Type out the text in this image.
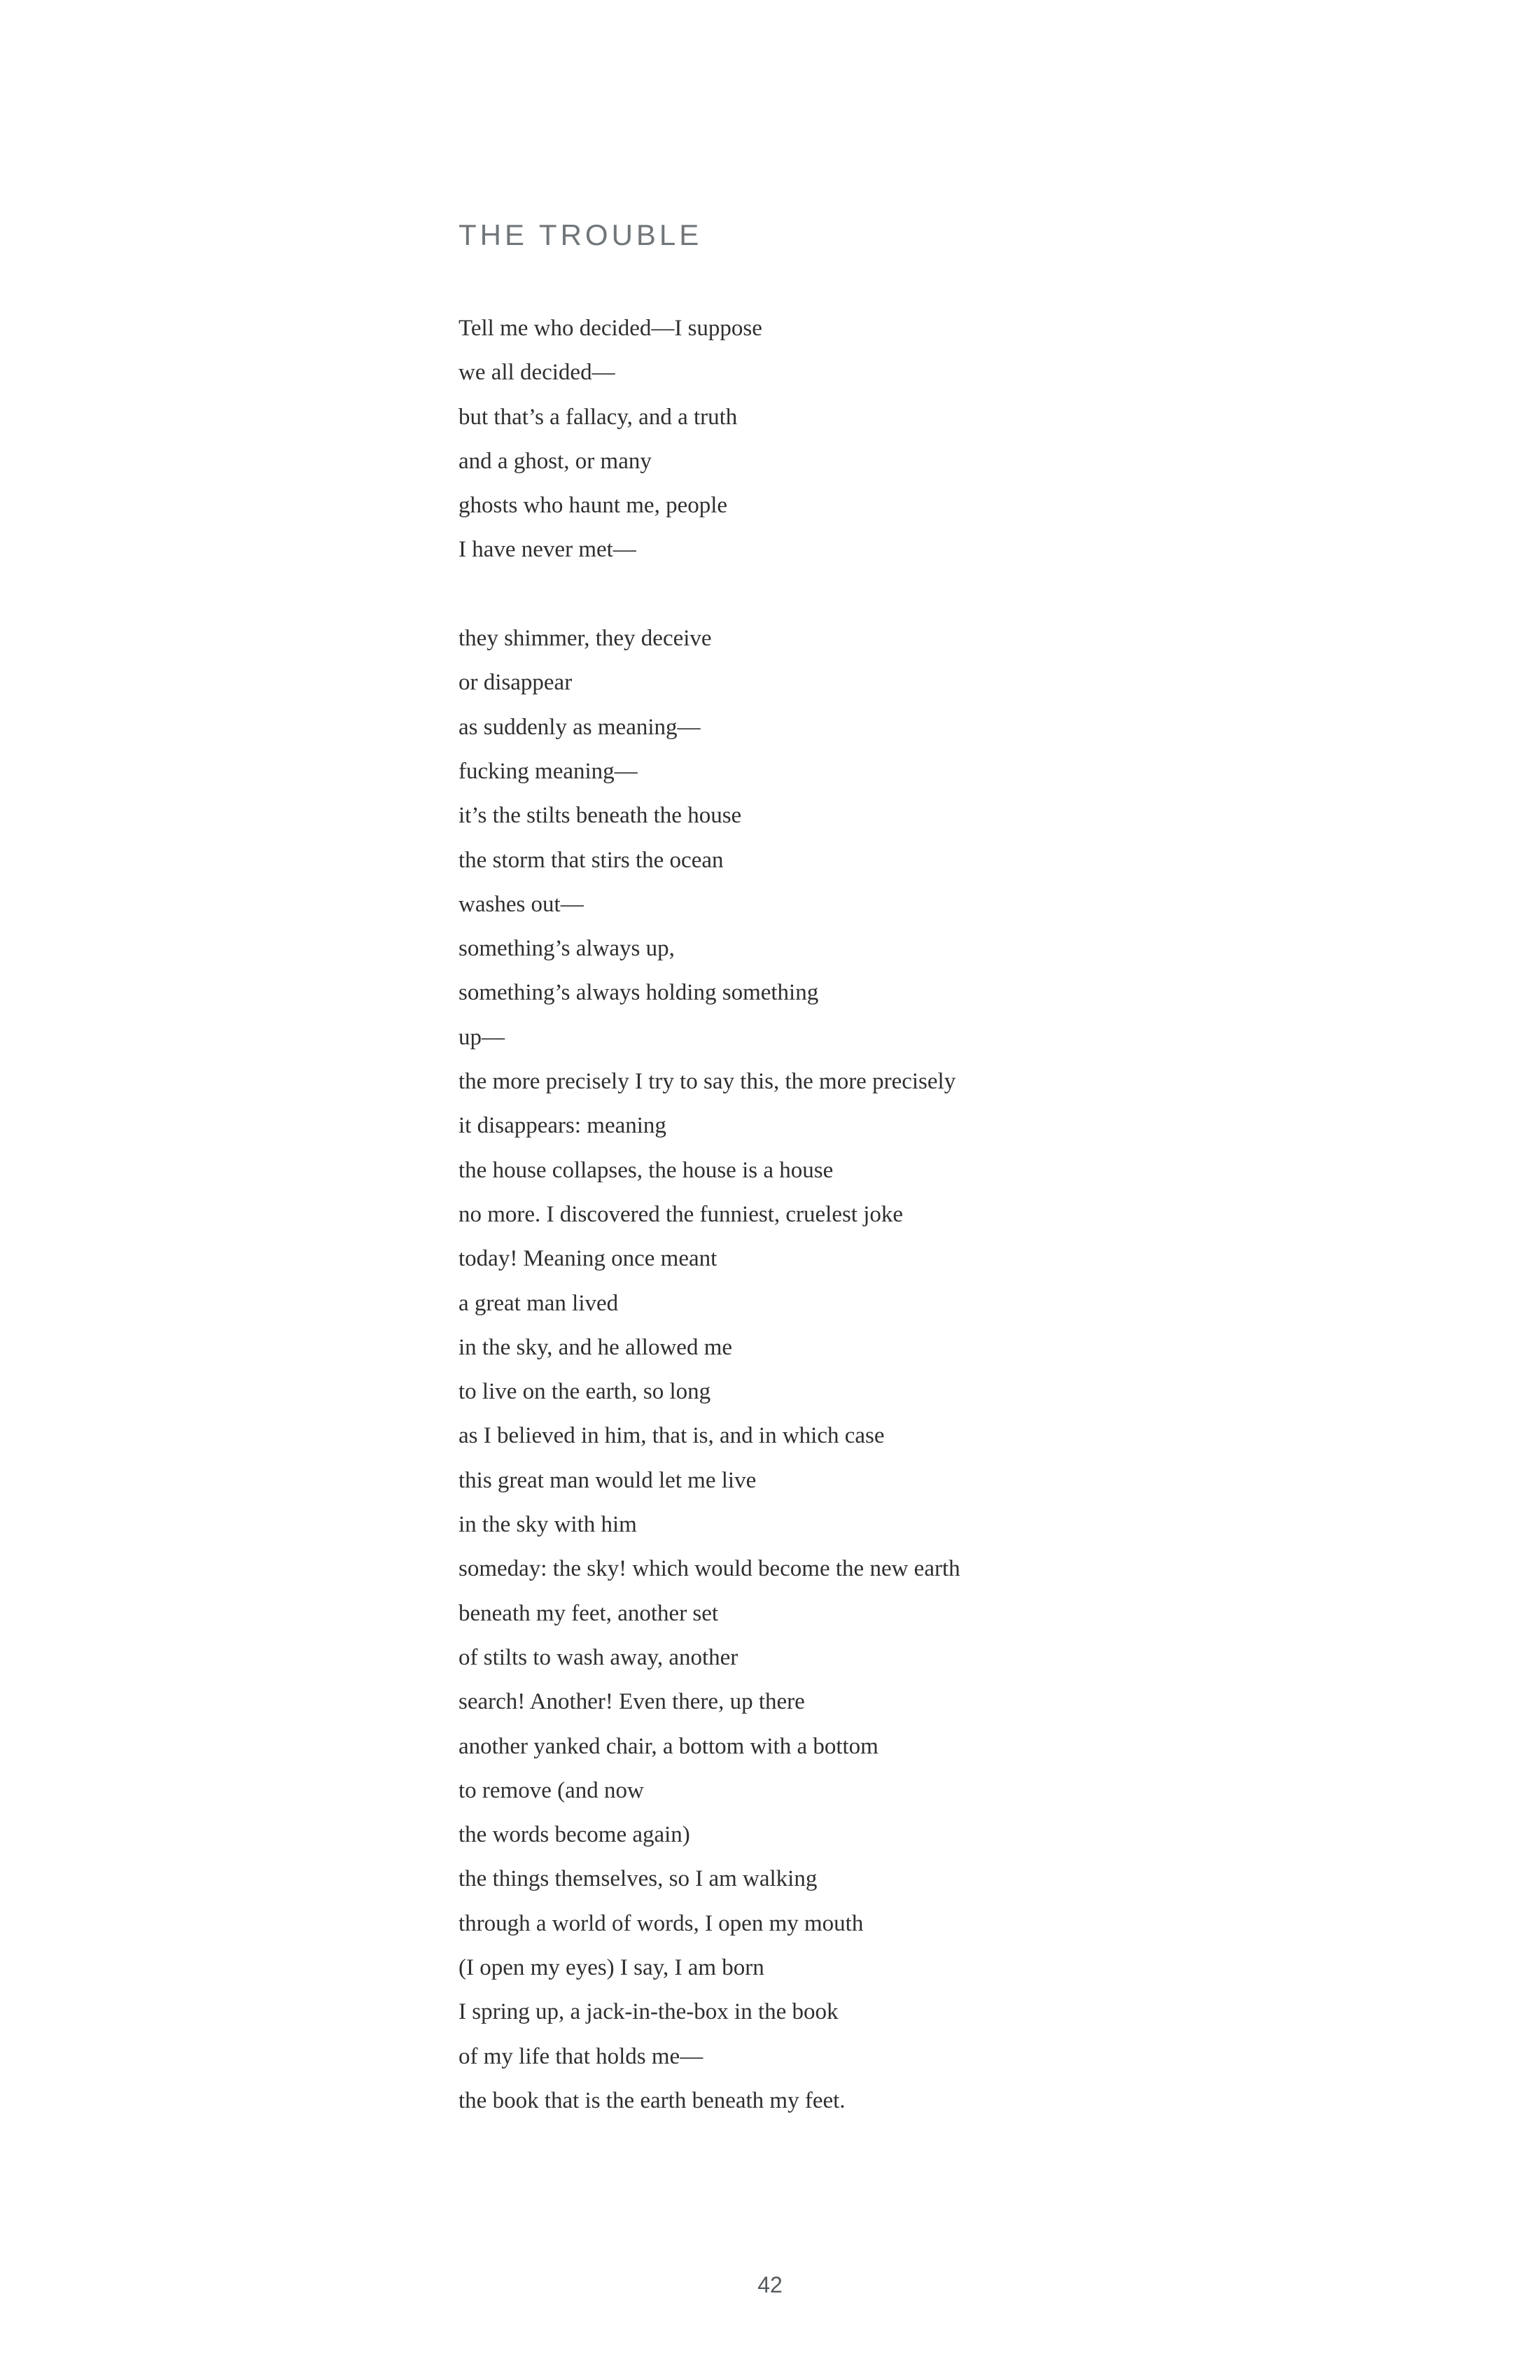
THE TROUBLE
Tell me who decided—I suppose
we all decided—
but that’s a fallacy, and a truth
and a ghost, or many
ghosts who haunt me, people
I have never met—
they shimmer, they deceive
or disappear
as suddenly as meaning—
fucking meaning—
it’s the stilts beneath the house
the storm that stirs the ocean
washes out—
something’s always up,
something’s always holding something
up—
the more precisely I try to say this, the more precisely
it disappears: meaning
the house collapses, the house is a house
no more. I discovered the funniest, cruelest joke
today! Meaning once meant
a great man lived
in the sky, and he allowed me
to live on the earth, so long
as I believed in him, that is, and in which case
this great man would let me live
in the sky with him
someday: the sky! which would become the new earth
beneath my feet, another set
of stilts to wash away, another
search! Another! Even there, up there
another yanked chair, a bottom with a bottom
to remove (and now
the words become again)
the things themselves, so I am walking
through a world of words, I open my mouth
(I open my eyes) I say, I am born
I spring up, a jack-in-the-box in the book
of my life that holds me—
the book that is the earth beneath my feet.
42
